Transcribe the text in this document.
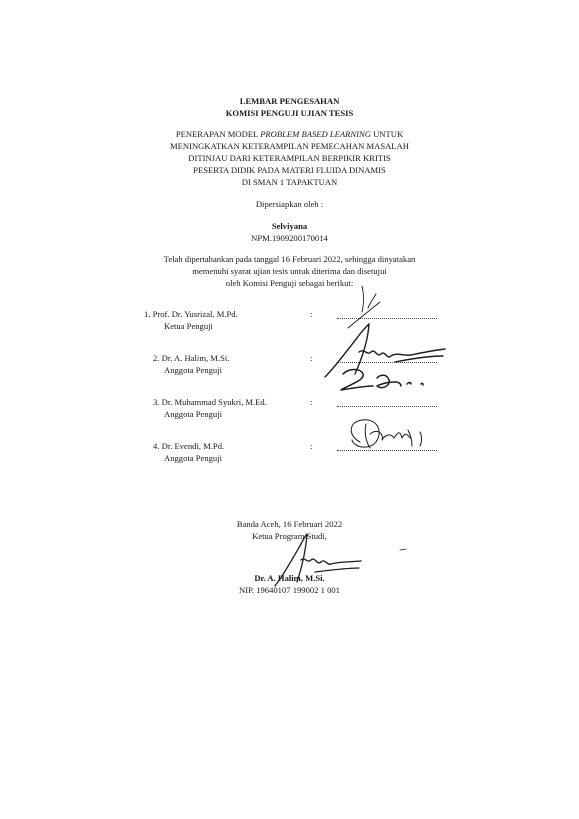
LEMBAR PENGESAHAN
KOMISI PENGUJI UJIAN TESIS
PENERAPAN MODEL PROBLEM BASED LEARNING UNTUK
MENINGKATKAN KETERAMPILAN PEMECAHAN MASALAH
DITINJAU DARI KETERAMPILAN BERPIKIR KRITIS
PESERTA DIDIK PADA MATERI FLUIDA DINAMIS
DI SMAN 1 TAPAKTUAN
Dipersiapkan oleh :
Selviyana
NPM.1909200170014
Telah dipertahankan pada tanggal 16 Februari 2022, sehingga dinyatakan
memenuhi syarat ujian tesis untuk diterima dan disetujui
oleh Komisi Penguji sebagai berikut:
1. Prof. Dr. Yusrizal, M.Pd.
Ketua Penguji
:
2. Dr. A. Halim, M.Si.
Anggota Penguji
:
3. Dr. Muhammad Syukri, M.Ed.
Anggota Penguji
:
4. Dr. Evendi, M.Pd.
Anggota Penguji
:
Banda Aceh, 16 Februari 2022
Ketua Program Studi,
Dr. A. Halim, M.Si.
NIP. 19640107 199002 1 001
